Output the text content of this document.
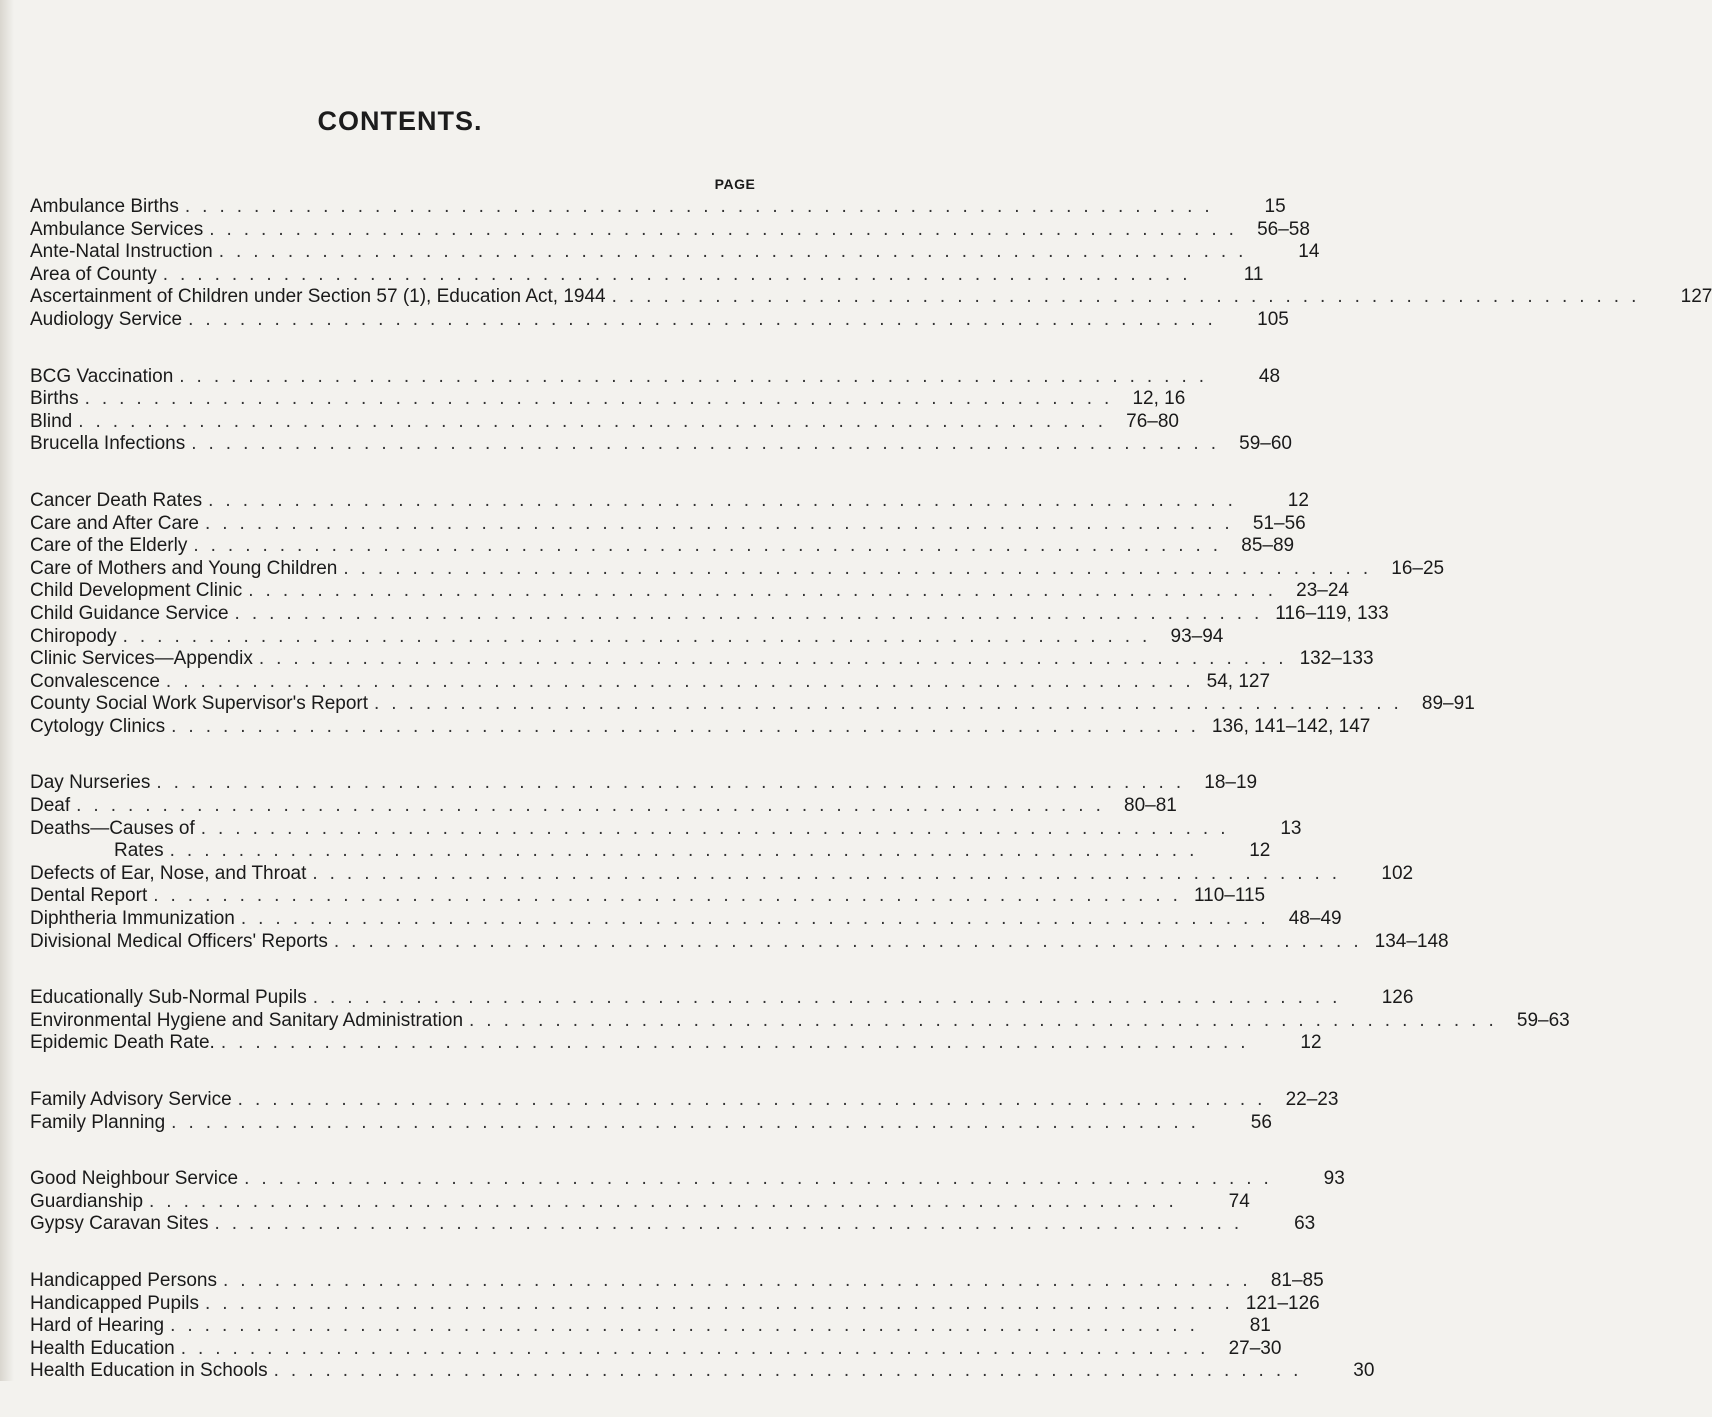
CONTENTS.
PAGE
Ambulance Births ............................................................	15
Ambulance Services ............................................................ 56–58
Ante-Natal Instruction ............................................................	14
Area of County ............................................................	11
Ascertainment of Children under Section 57 (1), Education Act, 1944 ............................................................	127
Audiology Service ............................................................	105
BCG Vaccination ............................................................	48
Births ............................................................ 12, 16
Blind ............................................................ 76–80
Brucella Infections ............................................................ 59–60
Cancer Death Rates ............................................................	12
Care and After Care ............................................................ 51–56
Care of the Elderly ............................................................ 85–89
Care of Mothers and Young Children ............................................................ 16–25
Child Development Clinic ............................................................ 23–24
Child Guidance Service ............................................................ 116–119, 133
Chiropody ............................................................ 93–94
Clinic Services—Appendix ............................................................ 132–133
Convalescence ............................................................ 54, 127
County Social Work Supervisor's Report ............................................................ 89–91
Cytology Clinics ............................................................ 136, 141–142, 147
Day Nurseries ............................................................ 18–19
Deaf ............................................................ 80–81
Deaths—Causes of ............................................................	13
Rates ............................................................	12
Defects of Ear, Nose, and Throat ............................................................	102
Dental Report ............................................................ 110–115
Diphtheria Immunization ............................................................ 48–49
Divisional Medical Officers' Reports ............................................................ 134–148
Educationally Sub-Normal Pupils ............................................................	126
Environmental Hygiene and Sanitary Administration ............................................................ 59–63
Epidemic Death Rate. ............................................................	12
Family Advisory Service ............................................................ 22–23
Family Planning ............................................................	56
Good Neighbour Service ............................................................	93
Guardianship ............................................................	74
Gypsy Caravan Sites ............................................................	63
Handicapped Persons ............................................................ 81–85
Handicapped Pupils ............................................................ 121–126
Hard of Hearing ............................................................	81
Health Education ............................................................ 27–30
Health Education in Schools ............................................................	30
